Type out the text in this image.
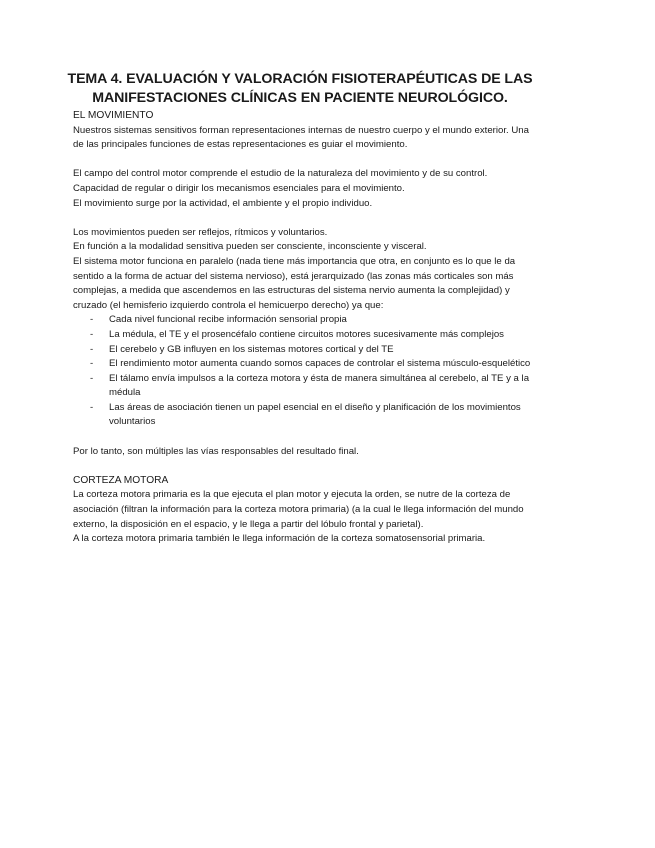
TEMA 4. EVALUACIÓN Y VALORACIÓN FISIOTERAPÉUTICAS DE LAS MANIFESTACIONES CLÍNICAS EN PACIENTE NEUROLÓGICO.

EL MOVIMIENTO

Nuestros sistemas sensitivos forman representaciones internas de nuestro cuerpo y el mundo exterior. Una de las principales funciones de estas representaciones es guiar el movimiento.

El campo del control motor comprende el estudio de la naturaleza del movimiento y de su control. Capacidad de regular o dirigir los mecanismos esenciales para el movimiento.

El movimiento surge por la actividad, el ambiente y el propio individuo.

Los movimientos pueden ser reflejos, rítmicos y voluntarios.

En función a la modalidad sensitiva pueden ser consciente, inconsciente y visceral.

El sistema motor funciona en paralelo (nada tiene más importancia que otra, en conjunto es lo que le da sentido a la forma de actuar del sistema nervioso), está jerarquizado (las zonas más corticales son más complejas, a medida que ascendemos en las estructuras del sistema nervio aumenta la complejidad) y cruzado (el hemisferio izquierdo controla el hemicuerpo derecho) ya que:

- Cada nivel funcional recibe información sensorial propia
- La médula, el TE y el prosencéfalo contiene circuitos motores sucesivamente más complejos
- El cerebelo y GB influyen en los sistemas motores cortical y del TE
- El rendimiento motor aumenta cuando somos capaces de controlar el sistema músculo-esquelético
- El tálamo envía impulsos a la corteza motora y ésta de manera simultánea al cerebelo, al TE y a la médula
- Las áreas de asociación tienen un papel esencial en el diseño y planificación de los movimientos voluntarios

Por lo tanto, son múltiples las vías responsables del resultado final.

CORTEZA MOTORA

La corteza motora primaria es la que ejecuta el plan motor y ejecuta la orden, se nutre de la corteza de asociación (filtran la información para la corteza motora primaria) (a la cual le llega información del mundo externo, la disposición en el espacio, y le llega a partir del lóbulo frontal y parietal).

A la corteza motora primaria también le llega información de la corteza somatosensorial primaria.
